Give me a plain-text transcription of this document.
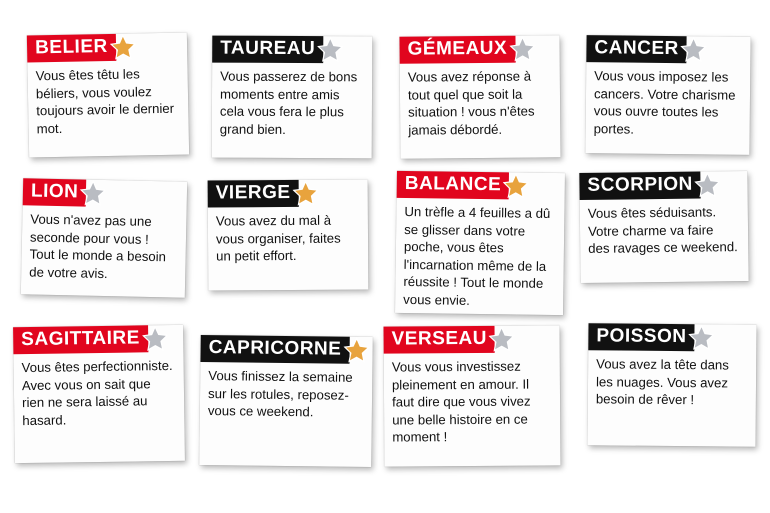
BELIER
Vous êtes têtu les béliers, vous voulez toujours avoir le dernier mot.
TAUREAU
Vous passerez de bons moments entre amis cela vous fera le plus grand bien.
GÉMEAUX
Vous avez réponse à tout quel que soit la situation ! vous n'êtes jamais débordé.
CANCER
Vous vous imposez les cancers. Votre charisme vous ouvre toutes les portes.
LION
Vous n'avez pas une seconde pour vous ! Tout le monde a besoin de votre avis.
VIERGE
Vous avez du mal à vous organiser, faites un petit effort.
BALANCE
Un trèfle a 4 feuilles a dû se glisser dans votre poche, vous êtes l'incarnation même de la réussite ! Tout le monde vous envie.
SCORPION
Vous êtes séduisants. Votre charme va faire des ravages ce weekend.
SAGITTAIRE
Vous êtes perfectionniste. Avec vous on sait que rien ne sera laissé au hasard.
CAPRICORNE
Vous finissez la semaine sur les rotules, reposez-vous ce weekend.
VERSEAU
Vous vous investissez pleinement en amour. Il faut dire que vous vivez une belle histoire en ce moment !
POISSON
Vous avez la tête dans les nuages. Vous avez besoin de rêver !
